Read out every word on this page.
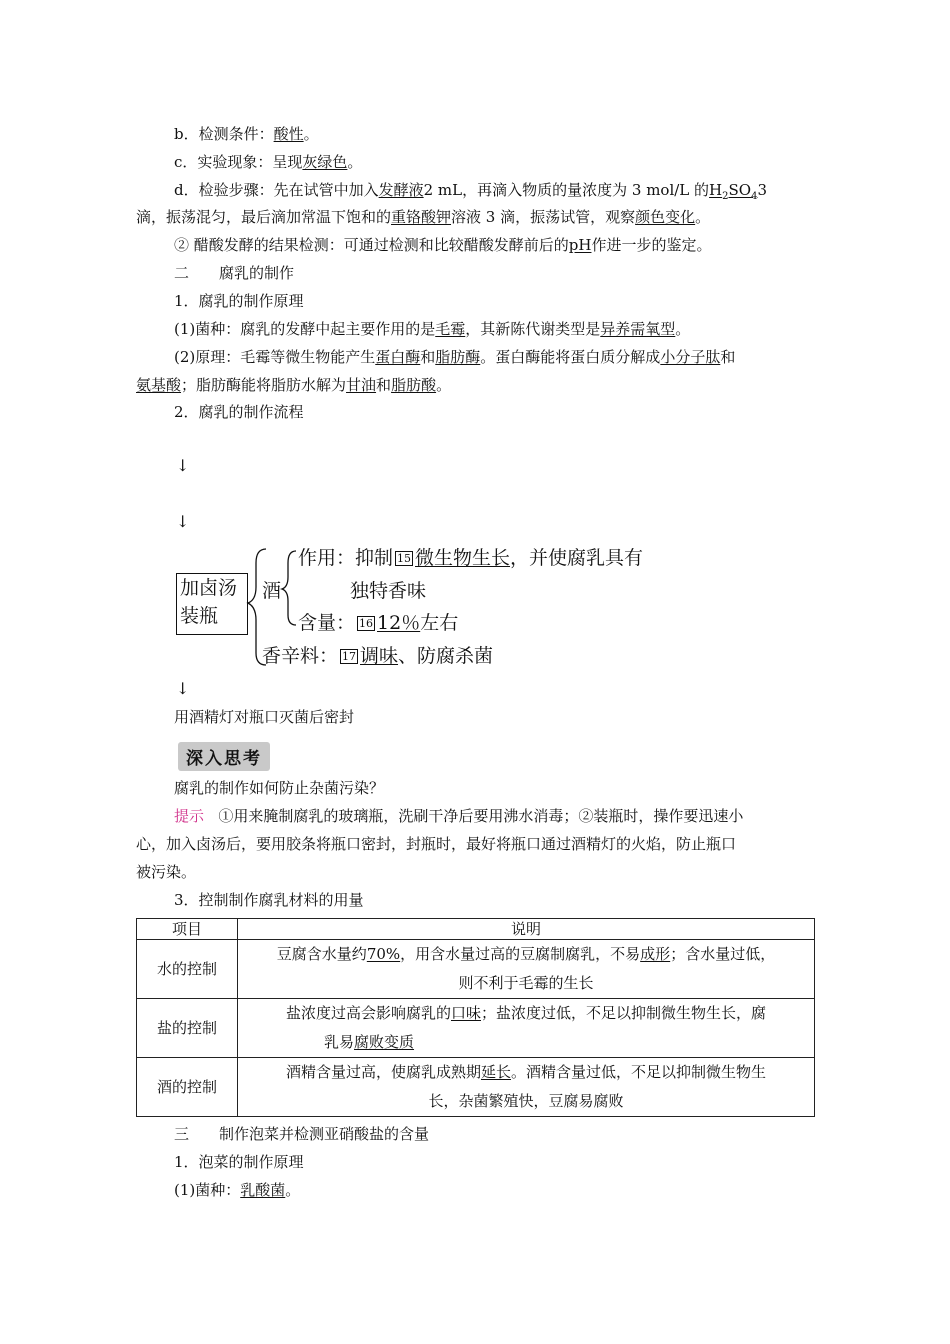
b．检测条件：酸性。
c．实验现象：呈现灰绿色。
d．检验步骤：先在试管中加入发酵液2 mL，再滴入物质的量浓度为 3 mol/L 的$H_2SO_43$
滴，振荡混匀，最后滴加常温下饱和的重铬酸钾溶液 3 滴，振荡试管，观察颜色变化。
② 醋酸发酵的结果检测：可通过检测和比较醋酸发酵前后的pH作进一步的鉴定。
二　　腐乳的制作
1．腐乳的制作原理
(1)菌种：腐乳的发酵中起主要作用的是毛霉，其新陈代谢类型是异养需氧型。
(2)原理：毛霉等微生物能产生蛋白酶和脂肪酶。蛋白酶能将蛋白质分解成小分子肽和
氨基酸；脂肪酶能将脂肪水解为甘油和脂肪酸。
2．腐乳的制作流程
↓
↓
加卤汤
装瓶
酒
作用：抑制 15 微生物生长，并使腐乳具有
独特香味
含量： 16 12％左右
香辛料： 17 调味、防腐杀菌
↓
用酒精灯对瓶口灭菌后密封
深入思考
腐乳的制作如何防止杂菌污染？
提示 ①用来腌制腐乳的玻璃瓶，洗刷干净后要用沸水消毒；②装瓶时，操作要迅速小
心，加入卤汤后，要用胶条将瓶口密封，封瓶时，最好将瓶口通过酒精灯的火焰，防止瓶口
被污染。
3．控制制作腐乳材料的用量
项目	说明
水的控制	豆腐含水量约70%，用含水量过高的豆腐制腐乳，不易成形；含水量过低，
则不利于毛霉的生长

盐的控制	盐浓度过高会影响腐乳的口味；盐浓度过低，不足以抑制微生物生长，腐
乳易腐败变质

酒的控制	酒精含量过高，使腐乳成熟期延长。酒精含量过低，不足以抑制微生物生
长，杂菌繁殖快，豆腐易腐败
三　　制作泡菜并检测亚硝酸盐的含量
1．泡菜的制作原理
(1)菌种：乳酸菌。
